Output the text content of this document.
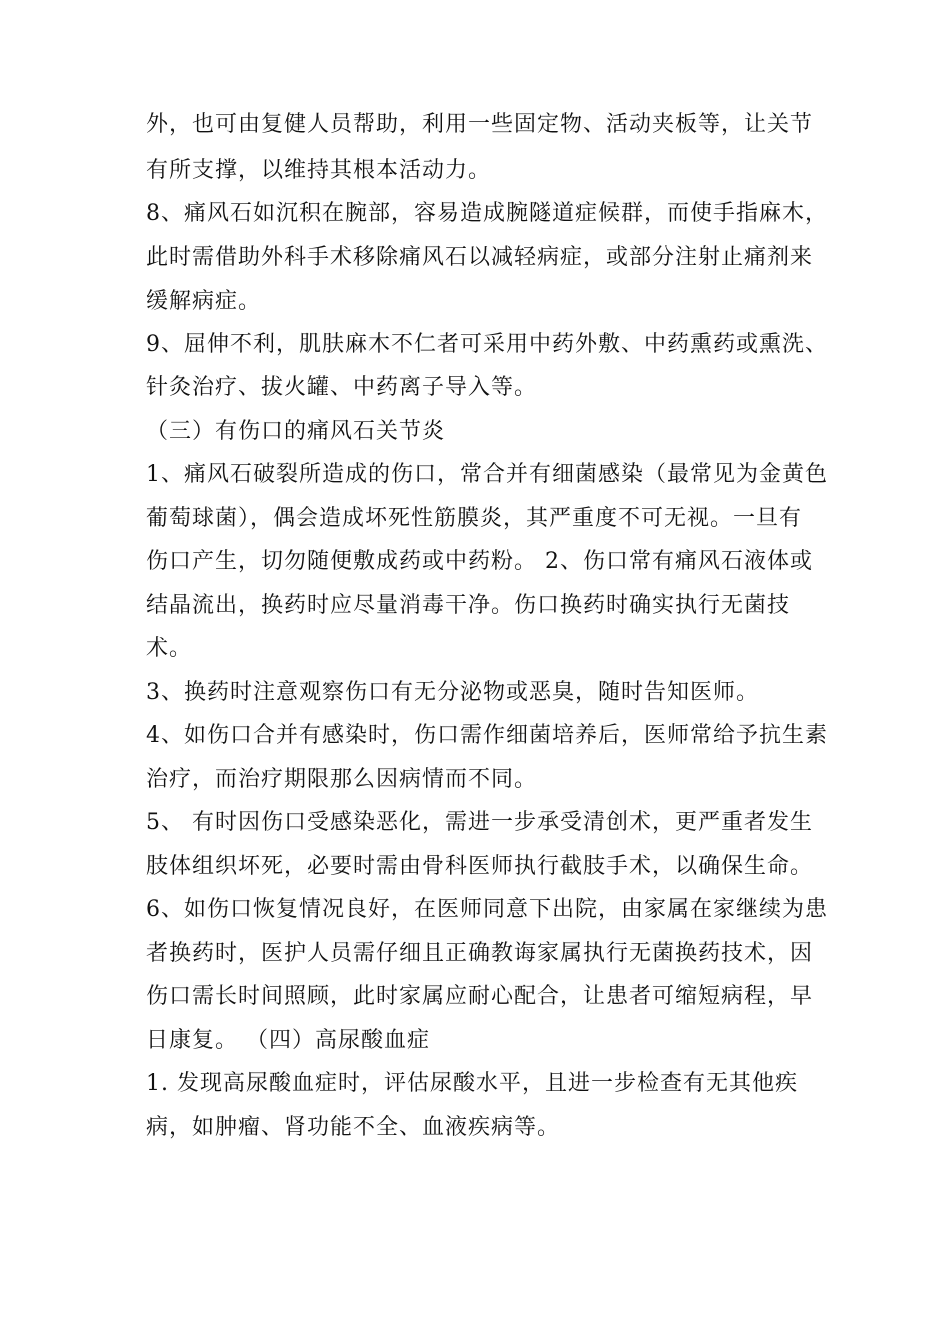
外，也可由复健人员帮助，利用一些固定物、活动夹板等，让关节
有所支撑，以维持其根本活动力。
8、痛风石如沉积在腕部，容易造成腕隧道症候群，而使手指麻木，
此时需借助外科手术移除痛风石以减轻病症，或部分注射止痛剂来
缓解病症。
9、屈伸不利，肌肤麻木不仁者可采用中药外敷、中药熏药或熏洗、
针灸治疗、拔火罐、中药离子导入等。
（三）有伤口的痛风石关节炎
1、痛风石破裂所造成的伤口，常合并有细菌感染（最常见为金黄色
葡萄球菌），偶会造成坏死性筋膜炎，其严重度不可无视。一旦有
伤口产生，切勿随便敷成药或中药粉。 2、伤口常有痛风石液体或
结晶流出，换药时应尽量消毒干净。伤口换药时确实执行无菌技
术。
3、换药时注意观察伤口有无分泌物或恶臭，随时告知医师。
4、如伤口合并有感染时，伤口需作细菌培养后，医师常给予抗生素
治疗，而治疗期限那么因病情而不同。
5、 有时因伤口受感染恶化，需进一步承受清创术，更严重者发生
肢体组织坏死，必要时需由骨科医师执行截肢手术，以确保生命。
6、如伤口恢复情况良好，在医师同意下出院，由家属在家继续为患
者换药时，医护人员需仔细且正确教诲家属执行无菌换药技术，因
伤口需长时间照顾，此时家属应耐心配合，让患者可缩短病程，早
日康复。 （四）高尿酸血症
1. 发现高尿酸血症时，评估尿酸水平，且进一步检查有无其他疾
病，如肿瘤、肾功能不全、血液疾病等。
